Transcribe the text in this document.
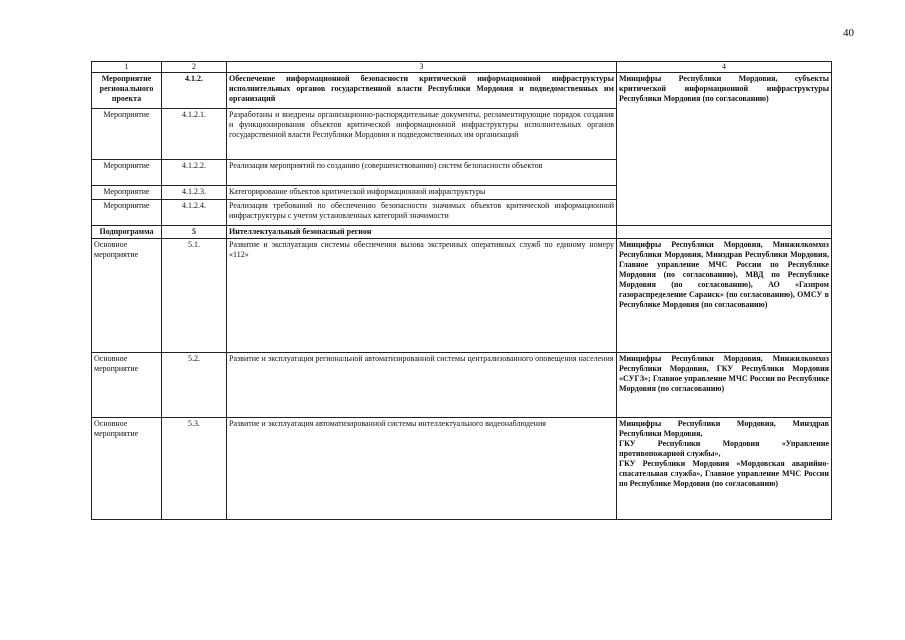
40
1	2	3	4
Мероприятие регионального проекта	4.1.2.	Обеспечение информационной безопасности критической информационной инфраструктуры исполнительных органов государственной власти Республики Мордовия и подведомственных им организаций	Минцифры Республики Мордовия, субъекты критической информационной инфраструктуры Республики Мордовия (по согласованию)
Мероприятие	4.1.2.1.	Разработаны и внедрены организационно-распорядительные документы, регламентирующие порядок создания и функционирования объектов критической информационной инфраструктуры исполнительных органов государственной власти Республики Мордовия и подведомственных им организаций	
Мероприятие	4.1.2.2.	Реализация мероприятий по созданию (совершенствованию) систем безопасности объектов	
Мероприятие	4.1.2.3.	Категорирование объектов критической информационной инфраструктуры	
Мероприятие	4.1.2.4.	Реализация требований по обеспечению безопасности значимых объектов критической информационной инфраструктуры с учетом установленных категорий значимости	
Подпрограмма	5	Интеллектуальный безопасный регион	
Основное мероприятие	5.1.	Развитие и эксплуатация системы обеспечения вызова экстренных оперативных служб по единому номеру «112»	Минцифры Республики Мордовия, Минжилкомхоз Республики Мордовия, Минздрав Республики Мордовия, Главное управление МЧС России по Республике Мордовия (по согласованию), МВД по Республике Мордовия (по согласованию), АО «Газпром газораспределение Саранск» (по согласованию), ОМСУ в Республике Мордовия (по согласованию)
Основное мероприятие	5.2.	Развитие и эксплуатация региональной автоматизированной системы централизованного оповещения населения	Минцифры Республики Мордовия, Минжилкомхоз Республики Мордовия, ГКУ Республики Мордовия «СУГЗ»; Главное управление МЧС России по Республике Мордовия (по согласованию)
Основное мероприятие	5.3.	Развитие и эксплуатация автоматизированной системы интеллектуального видеонаблюдения	Минцифры Республики Мордовия, Минздрав Республики Мордовия,
ГКУ Республики Мордовия «Управление противопожарной службы»,
ГКУ Республики Мордовия «Мордовская аварийно-спасательная служба», Главное управление МЧС России по Республике Мордовия (по согласованию)
